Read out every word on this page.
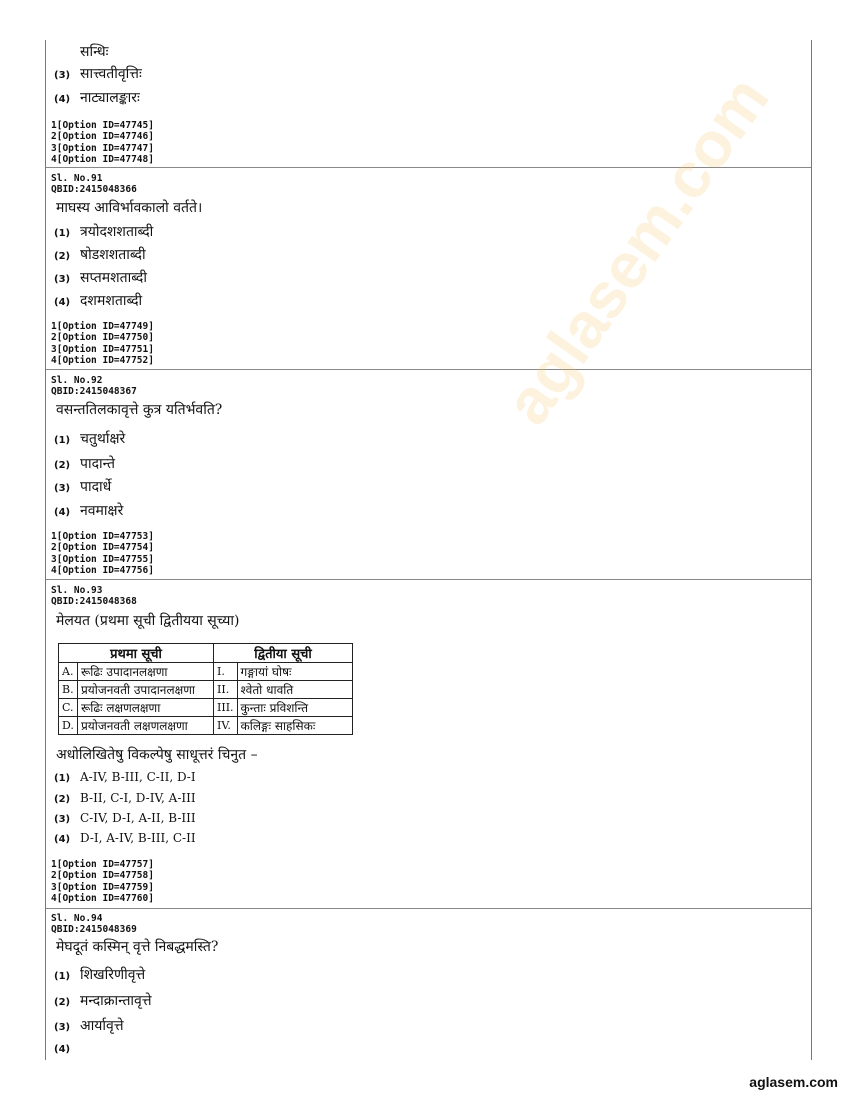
सन्धिः
(3) सात्त्वतीवृत्तिः
(4) नाट्यालङ्कारः
1[Option ID=47745]
2[Option ID=47746]
3[Option ID=47747]
4[Option ID=47748]
Sl. No.91
QBID:2415048366
माघस्य आविर्भावकालो वर्तते।
(1) त्रयोदशशताब्दी
(2) षोडशशताब्दी
(3) सप्तमशताब्दी
(4) दशमशताब्दी
1[Option ID=47749]
2[Option ID=47750]
3[Option ID=47751]
4[Option ID=47752]
Sl. No.92
QBID:2415048367
वसन्ततिलकावृत्ते कुत्र यतिर्भवति?
(1) चतुर्थाक्षरे
(2) पादान्ते
(3) पादार्धे
(4) नवमाक्षरे
1[Option ID=47753]
2[Option ID=47754]
3[Option ID=47755]
4[Option ID=47756]
Sl. No.93
QBID:2415048368
मेलयत (प्रथमा सूची द्वितीयया सूच्या)
प्रथमा सूची		द्वितीया सूची	
A.	रूढिः उपादानलक्षणा	I.	गङ्गायां घोषः
B.	प्रयोजनवती उपादानलक्षणा	II.	श्वेतो धावति
C.	रूढिः लक्षणलक्षणा	III.	कुन्ताः प्रविशन्ति
D.	प्रयोजनवती लक्षणलक्षणा	IV.	कलिङ्गः साहसिकः
अधोलिखितेषु विकल्पेषु साधूत्तरं चिनुत –
(1) A-IV, B-III, C-II, D-I
(2) B-II, C-I, D-IV, A-III
(3) C-IV, D-I, A-II, B-III
(4) D-I, A-IV, B-III, C-II
1[Option ID=47757]
2[Option ID=47758]
3[Option ID=47759]
4[Option ID=47760]
Sl. No.94
QBID:2415048369
मेघदूतं कस्मिन् वृत्ते निबद्धमस्ति?
(1) शिखरिणीवृत्ते
(2) मन्दाक्रान्तावृत्ते
(3) आर्यावृत्ते
(4)
aglasem.com
aglasem.com
